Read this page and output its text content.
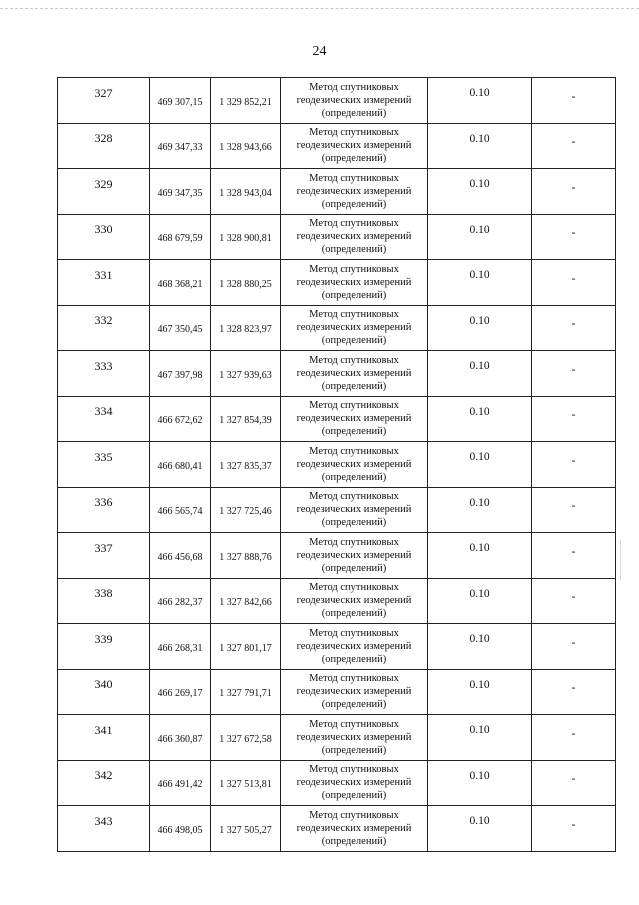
24
327	469 307,15	1 329 852,21	Метод спутниковых
геодезических измерений
(определений)	0.10	-
328	469 347,33	1 328 943,66	Метод спутниковых
геодезических измерений
(определений)	0.10	-
329	469 347,35	1 328 943,04	Метод спутниковых
геодезических измерений
(определений)	0.10	-
330	468 679,59	1 328 900,81	Метод спутниковых
геодезических измерений
(определений)	0.10	-
331	468 368,21	1 328 880,25	Метод спутниковых
геодезических измерений
(определений)	0.10	-
332	467 350,45	1 328 823,97	Метод спутниковых
геодезических измерений
(определений)	0.10	-
333	467 397,98	1 327 939,63	Метод спутниковых
геодезических измерений
(определений)	0.10	-
334	466 672,62	1 327 854,39	Метод спутниковых
геодезических измерений
(определений)	0.10	-
335	466 680,41	1 327 835,37	Метод спутниковых
геодезических измерений
(определений)	0.10	-
336	466 565,74	1 327 725,46	Метод спутниковых
геодезических измерений
(определений)	0.10	-
337	466 456,68	1 327 888,76	Метод спутниковых
геодезических измерений
(определений)	0.10	-
338	466 282,37	1 327 842,66	Метод спутниковых
геодезических измерений
(определений)	0.10	-
339	466 268,31	1 327 801,17	Метод спутниковых
геодезических измерений
(определений)	0.10	-
340	466 269,17	1 327 791,71	Метод спутниковых
геодезических измерений
(определений)	0.10	-
341	466 360,87	1 327 672,58	Метод спутниковых
геодезических измерений
(определений)	0.10	-
342	466 491,42	1 327 513,81	Метод спутниковых
геодезических измерений
(определений)	0.10	-
343	466 498,05	1 327 505,27	Метод спутниковых
геодезических измерений
(определений)	0.10	-
